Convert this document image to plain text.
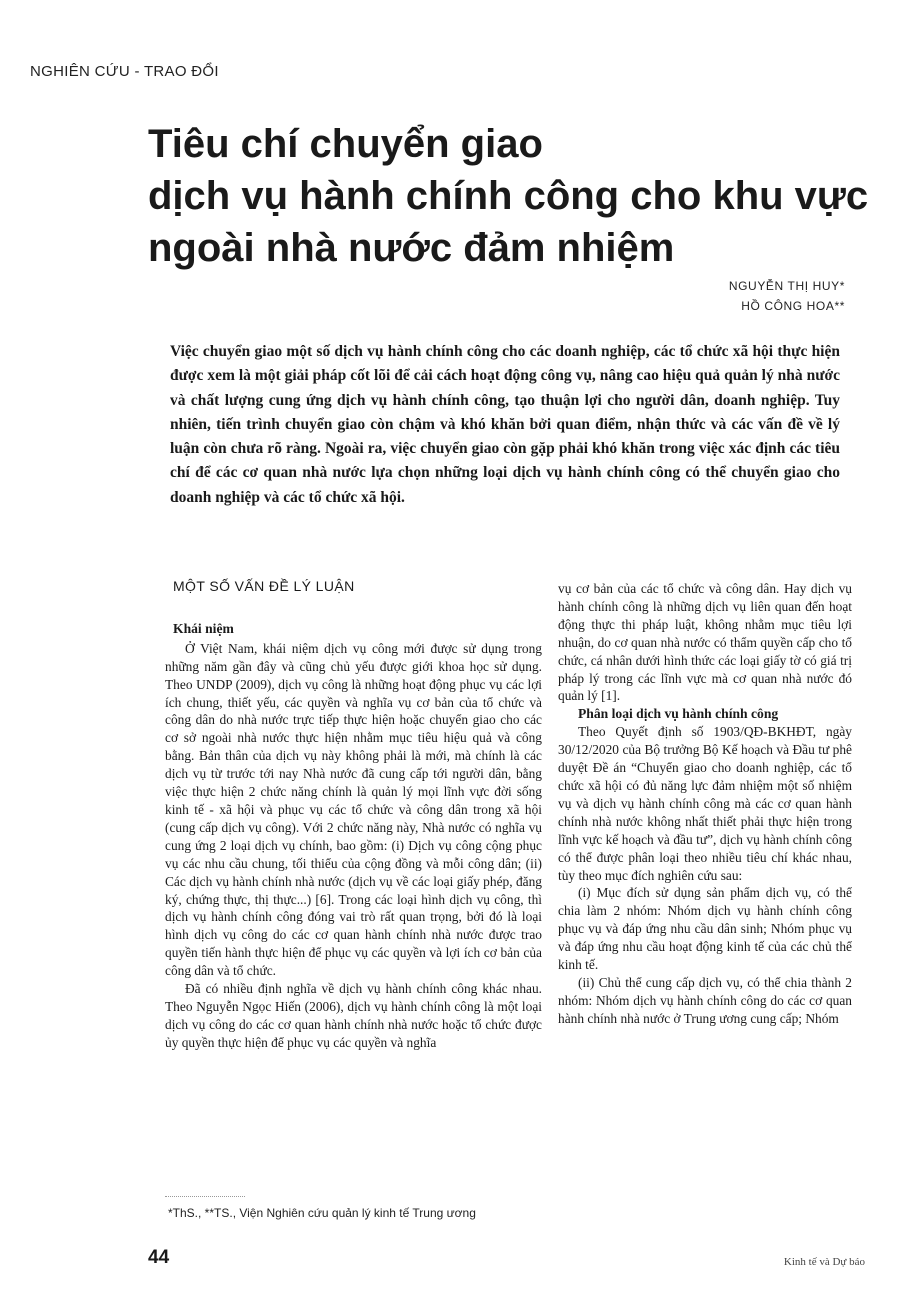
NGHIÊN CỨU - TRAO ĐỔI
Tiêu chí chuyển giao
dịch vụ hành chính công cho khu vực
ngoài nhà nước đảm nhiệm
NGUYỄN THỊ HUY*
HỒ CÔNG HOA**

Việc chuyển giao một số dịch vụ hành chính công cho các doanh nghiệp, các tổ chức xã hội thực hiện được xem là một giải pháp cốt lõi để cải cách hoạt động công vụ, nâng cao hiệu quả quản lý nhà nước và chất lượng cung ứng dịch vụ hành chính công, tạo thuận lợi cho người dân, doanh nghiệp. Tuy nhiên, tiến trình chuyển giao còn chậm và khó khăn bởi quan điểm, nhận thức và các vấn đề về lý luận còn chưa rõ ràng. Ngoài ra, việc chuyển giao còn gặp phải khó khăn trong việc xác định các tiêu chí để các cơ quan nhà nước lựa chọn những loại dịch vụ hành chính công có thể chuyển giao cho doanh nghiệp và các tổ chức xã hội.

MỘT SỐ VẤN ĐỀ LÝ LUẬN
Khái niệm

Ở Việt Nam, khái niệm dịch vụ công mới được sử dụng trong những năm gần đây và cũng chủ yếu được giới khoa học sử dụng. Theo UNDP (2009), dịch vụ công là những hoạt động phục vụ các lợi ích chung, thiết yếu, các quyền và nghĩa vụ cơ bản của tổ chức và công dân do nhà nước trực tiếp thực hiện hoặc chuyển giao cho các cơ sở ngoài nhà nước thực hiện nhằm mục tiêu hiệu quả và công bằng. Bản thân của dịch vụ này không phải là mới, mà chính là các dịch vụ từ trước tới nay Nhà nước đã cung cấp tới người dân, bằng việc thực hiện 2 chức năng chính là quản lý mọi lĩnh vực đời sống kinh tế - xã hội và phục vụ các tổ chức và công dân trong xã hội (cung cấp dịch vụ công). Với 2 chức năng này, Nhà nước có nghĩa vụ cung ứng 2 loại dịch vụ chính, bao gồm: (i) Dịch vụ công cộng phục vụ các nhu cầu chung, tối thiểu của cộng đồng và mỗi công dân; (ii) Các dịch vụ hành chính nhà nước (dịch vụ về các loại giấy phép, đăng ký, chứng thực, thị thực...) [6]. Trong các loại hình dịch vụ công, thì dịch vụ hành chính công đóng vai trò rất quan trọng, bởi đó là loại hình dịch vụ công do các cơ quan hành chính nhà nước được trao quyền tiến hành thực hiện để phục vụ các quyền và lợi ích cơ bản của công dân và tổ chức.

Đã có nhiều định nghĩa về dịch vụ hành chính công khác nhau. Theo Nguyễn Ngọc Hiến (2006), dịch vụ hành chính công là một loại dịch vụ công do các cơ quan hành chính nhà nước hoặc tổ chức được ủy quyền thực hiện để phục vụ các quyền và nghĩa

vụ cơ bản của các tổ chức và công dân. Hay dịch vụ hành chính công là những dịch vụ liên quan đến hoạt động thực thi pháp luật, không nhằm mục tiêu lợi nhuận, do cơ quan nhà nước có thẩm quyền cấp cho tổ chức, cá nhân dưới hình thức các loại giấy tờ có giá trị pháp lý trong các lĩnh vực mà cơ quan nhà nước đó quản lý [1].

Phân loại dịch vụ hành chính công

Theo Quyết định số 1903/QĐ-BKHĐT, ngày 30/12/2020 của Bộ trưởng Bộ Kế hoạch và Đầu tư phê duyệt Đề án “Chuyển giao cho doanh nghiệp, các tổ chức xã hội có đủ năng lực đảm nhiệm một số nhiệm vụ và dịch vụ hành chính công mà các cơ quan hành chính nhà nước không nhất thiết phải thực hiện trong lĩnh vực kế hoạch và đầu tư”, dịch vụ hành chính công có thể được phân loại theo nhiều tiêu chí khác nhau, tùy theo mục đích nghiên cứu sau:

(i) Mục đích sử dụng sản phẩm dịch vụ, có thể chia làm 2 nhóm: Nhóm dịch vụ hành chính công phục vụ và đáp ứng nhu cầu dân sinh; Nhóm phục vụ và đáp ứng nhu cầu hoạt động kinh tế của các chủ thể kinh tế.

(ii) Chủ thể cung cấp dịch vụ, có thể chia thành 2 nhóm: Nhóm dịch vụ hành chính công do các cơ quan hành chính nhà nước ở Trung ương cung cấp; Nhóm

*ThS., **TS., Viện Nghiên cứu quản lý kinh tế Trung ương
44	Kinh tế và Dự báo
